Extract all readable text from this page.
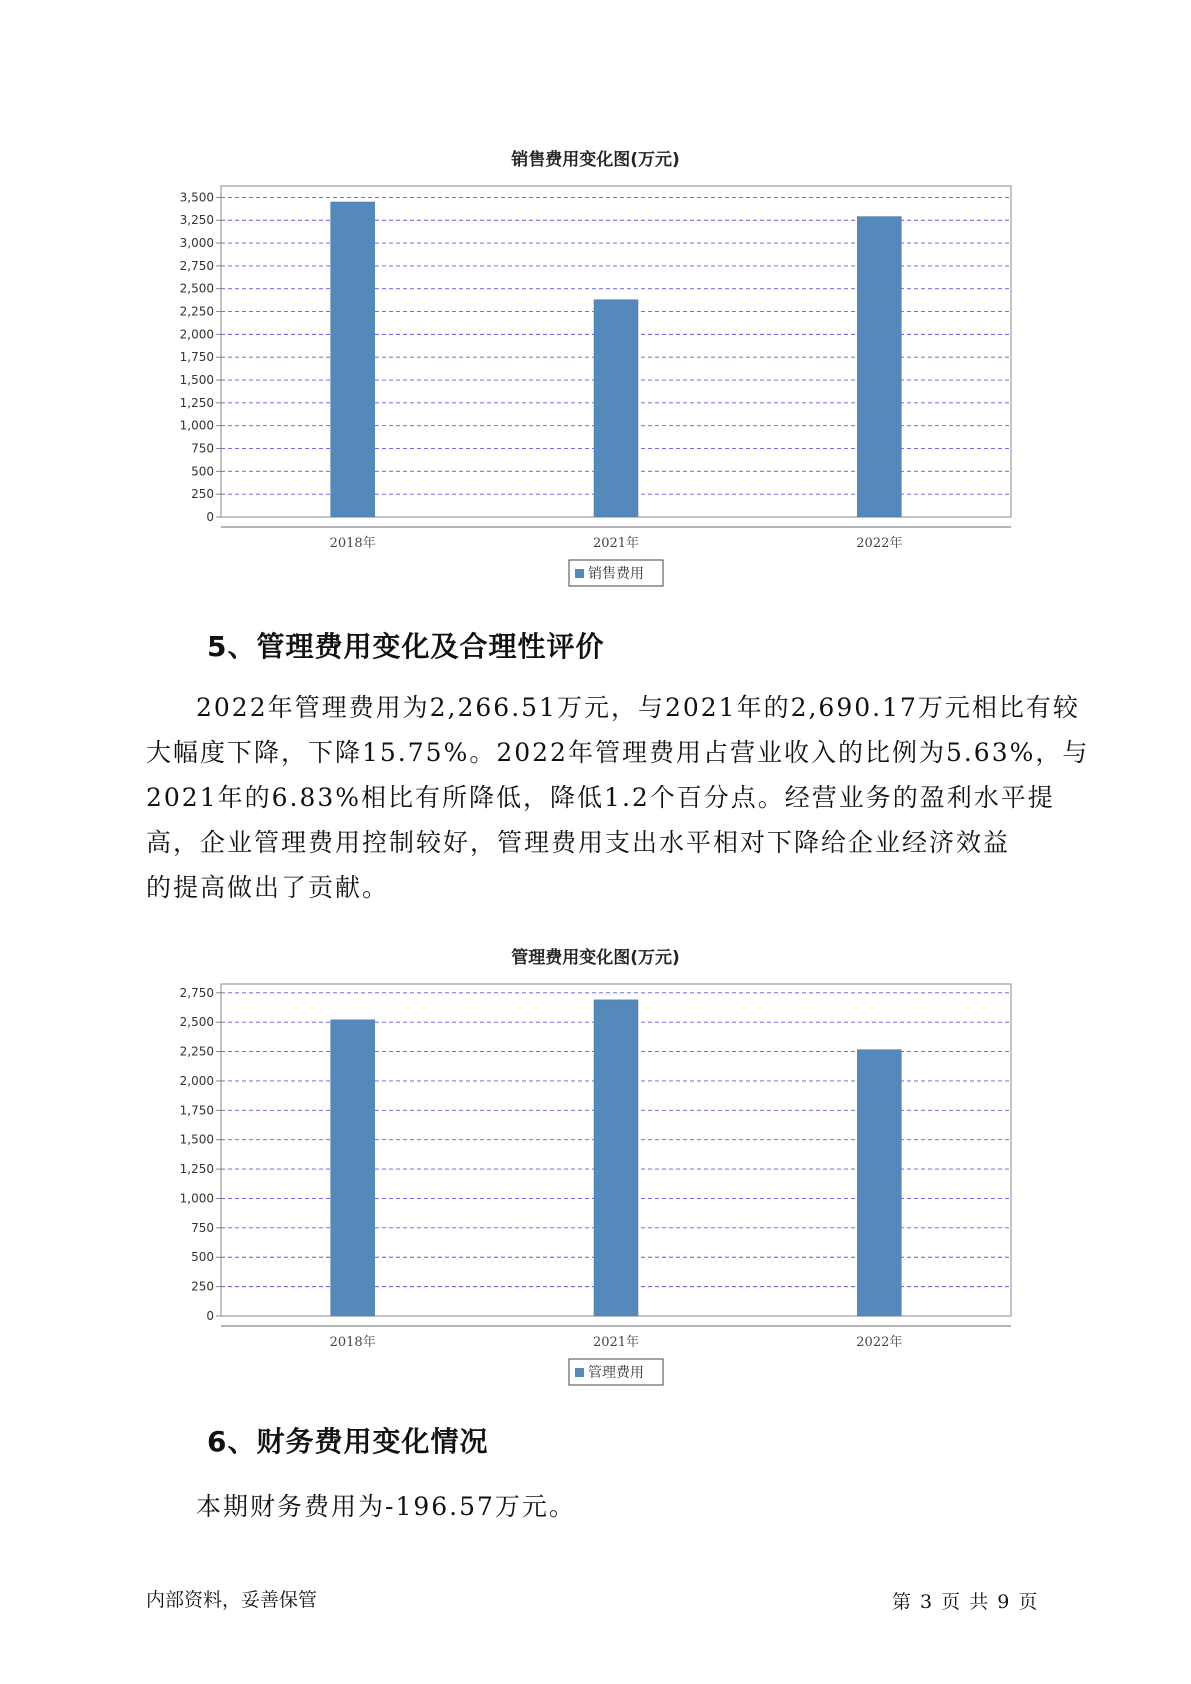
销售费用变化图(万元)
0
250
500
750
1,000
1,250
1,500
1,750
2,000
2,250
2,500
2,750
3,000
3,250
3,500
2018年	2021年	2022年
销售费用
5、管理费用变化及合理性评价
2022年管理费用为2,266.51万元，与2021年的2,690.17万元相比有较
大幅度下降，下降15.75%。2022年管理费用占营业收入的比例为5.63%，与
2021年的6.83%相比有所降低，降低1.2个百分点。经营业务的盈利水平提
高，企业管理费用控制较好，管理费用支出水平相对下降给企业经济效益
的提高做出了贡献。
管理费用变化图(万元)
0
250
500
750
1,000
1,250
1,500
1,750
2,000
2,250
2,500
2,750
2018年	2021年	2022年
管理费用
6、财务费用变化情况
本期财务费用为-196.57万元。
内部资料，妥善保管	第 3 页 共 9 页
